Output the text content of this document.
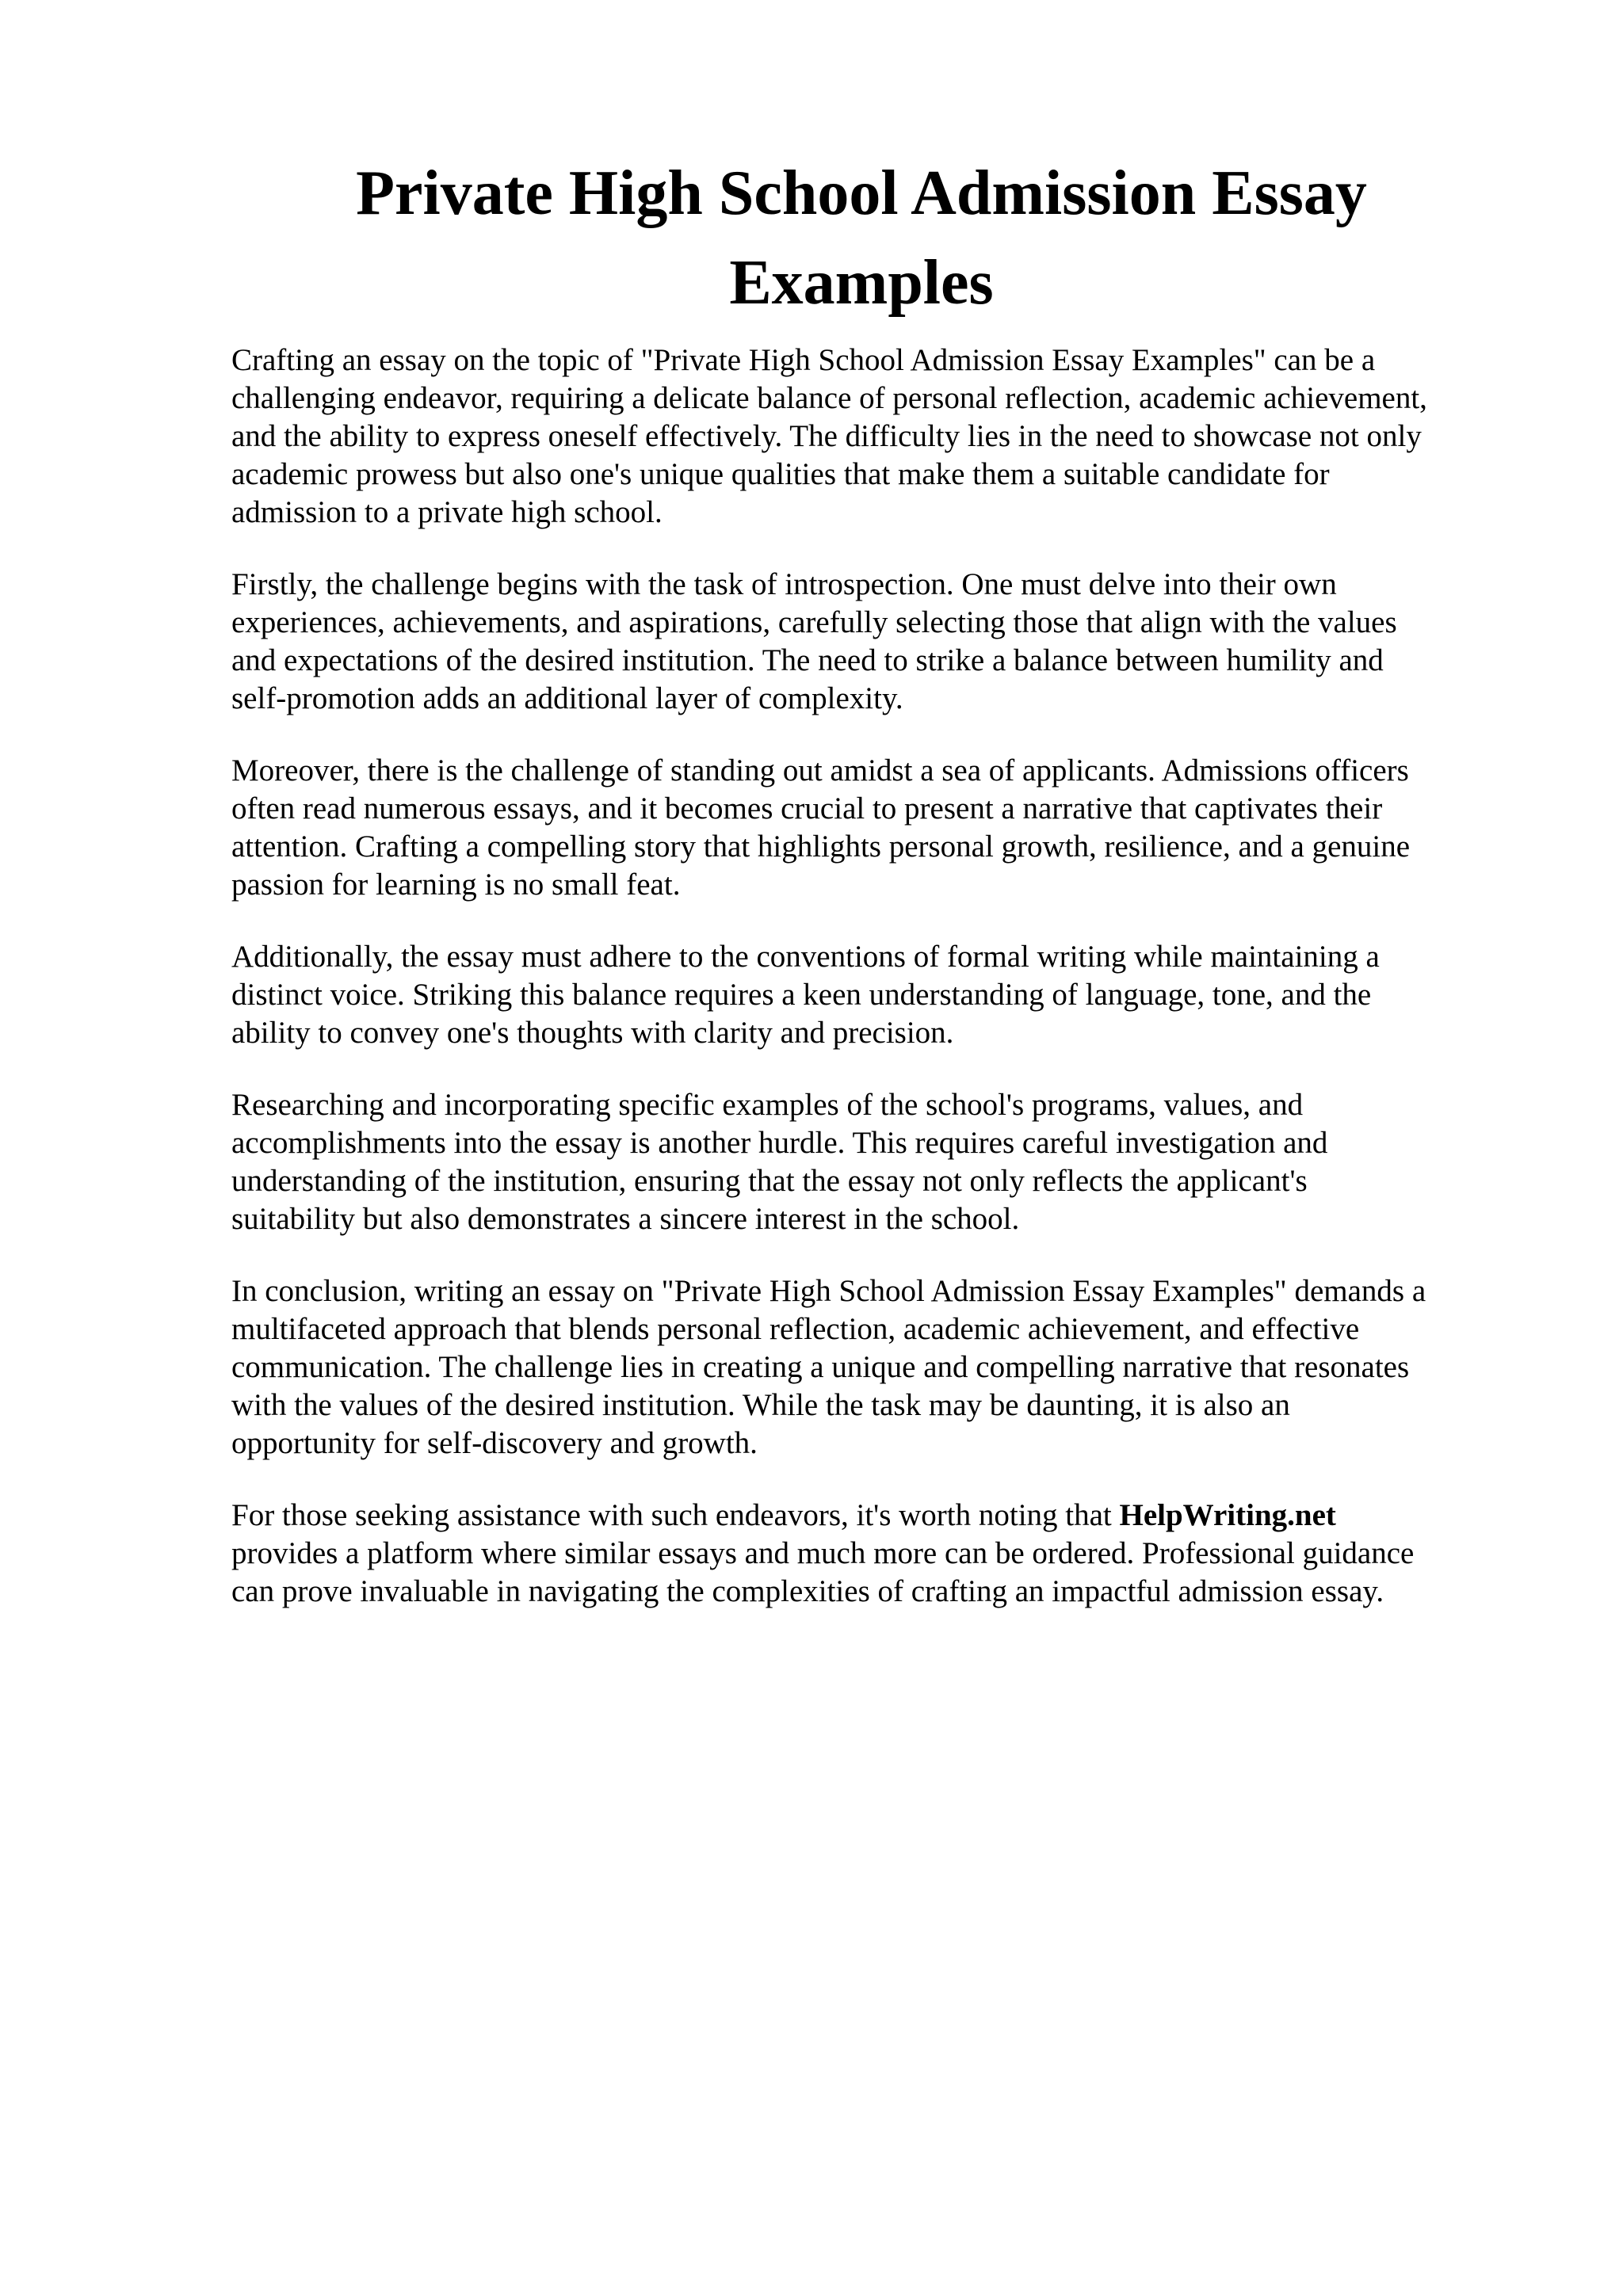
Private High School Admission Essay
Examples

Crafting an essay on the topic of "Private High School Admission Essay Examples" can be a
challenging endeavor, requiring a delicate balance of personal reflection, academic achievement,
and the ability to express oneself effectively. The difficulty lies in the need to showcase not only
academic prowess but also one's unique qualities that make them a suitable candidate for
admission to a private high school.

Firstly, the challenge begins with the task of introspection. One must delve into their own
experiences, achievements, and aspirations, carefully selecting those that align with the values
and expectations of the desired institution. The need to strike a balance between humility and
self-promotion adds an additional layer of complexity.

Moreover, there is the challenge of standing out amidst a sea of applicants. Admissions officers
often read numerous essays, and it becomes crucial to present a narrative that captivates their
attention. Crafting a compelling story that highlights personal growth, resilience, and a genuine
passion for learning is no small feat.

Additionally, the essay must adhere to the conventions of formal writing while maintaining a
distinct voice. Striking this balance requires a keen understanding of language, tone, and the
ability to convey one's thoughts with clarity and precision.

Researching and incorporating specific examples of the school's programs, values, and
accomplishments into the essay is another hurdle. This requires careful investigation and
understanding of the institution, ensuring that the essay not only reflects the applicant's
suitability but also demonstrates a sincere interest in the school.

In conclusion, writing an essay on "Private High School Admission Essay Examples" demands a
multifaceted approach that blends personal reflection, academic achievement, and effective
communication. The challenge lies in creating a unique and compelling narrative that resonates
with the values of the desired institution. While the task may be daunting, it is also an
opportunity for self-discovery and growth.

For those seeking assistance with such endeavors, it's worth noting that HelpWriting.net
provides a platform where similar essays and much more can be ordered. Professional guidance
can prove invaluable in navigating the complexities of crafting an impactful admission essay.
